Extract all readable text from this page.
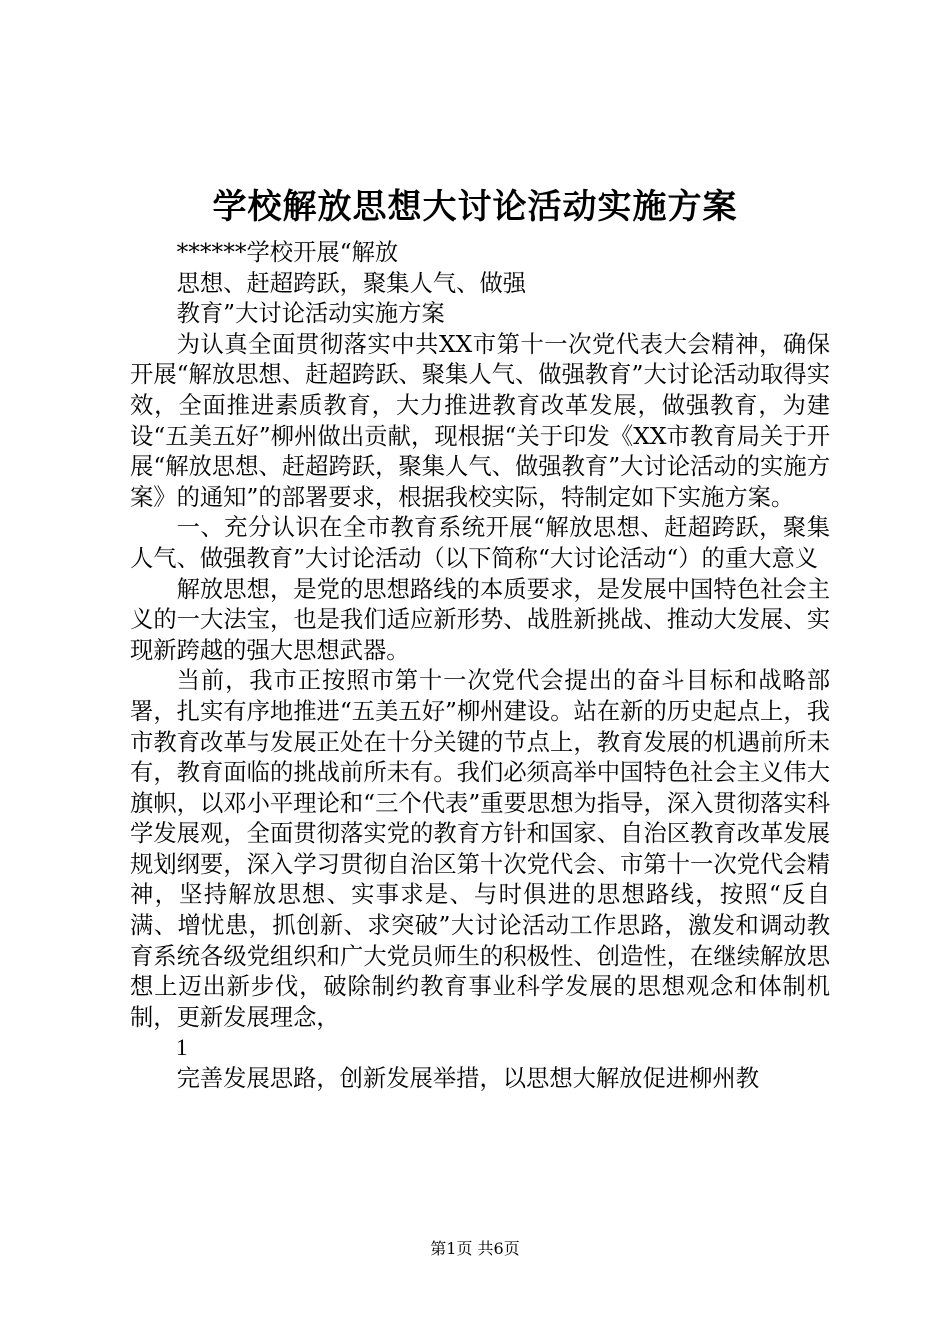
学校解放思想大讨论活动实施方案

******学校开展“解放

思想、赶超跨跃，聚集人气、做强

教育”大讨论活动实施方案

为认真全面贯彻落实中共XX市第十一次党代表大会精神，确保开展“解放思想、赶超跨跃、聚集人气、做强教育”大讨论活动取得实效，全面推进素质教育，大力推进教育改革发展，做强教育，为建设“五美五好”柳州做出贡献，现根据“关于印发《XX市教育局关于开展“解放思想、赶超跨跃，聚集人气、做强教育”大讨论活动的实施方案》的通知”的部署要求，根据我校实际，特制定如下实施方案。

一、充分认识在全市教育系统开展“解放思想、赶超跨跃，聚集人气、做强教育”大讨论活动（以下简称“大讨论活动“）的重大意义

解放思想，是党的思想路线的本质要求，是发展中国特色社会主义的一大法宝，也是我们适应新形势、战胜新挑战、推动大发展、实现新跨越的强大思想武器。

当前，我市正按照市第十一次党代会提出的奋斗目标和战略部署，扎实有序地推进“五美五好”柳州建设。站在新的历史起点上，我市教育改革与发展正处在十分关键的节点上，教育发展的机遇前所未有，教育面临的挑战前所未有。我们必须高举中国特色社会主义伟大旗帜，以邓小平理论和“三个代表”重要思想为指导，深入贯彻落实科学发展观，全面贯彻落实党的教育方针和国家、自治区教育改革发展规划纲要，深入学习贯彻自治区第十次党代会、市第十一次党代会精神，坚持解放思想、实事求是、与时俱进的思想路线，按照“反自满、增忧患，抓创新、求突破”大讨论活动工作思路，激发和调动教育系统各级党组织和广大党员师生的积极性、创造性，在继续解放思想上迈出新步伐，破除制约教育事业科学发展的思想观念和体制机制，更新发展理念，

1

完善发展思路，创新发展举措，以思想大解放促进柳州教

第1页 共6页
